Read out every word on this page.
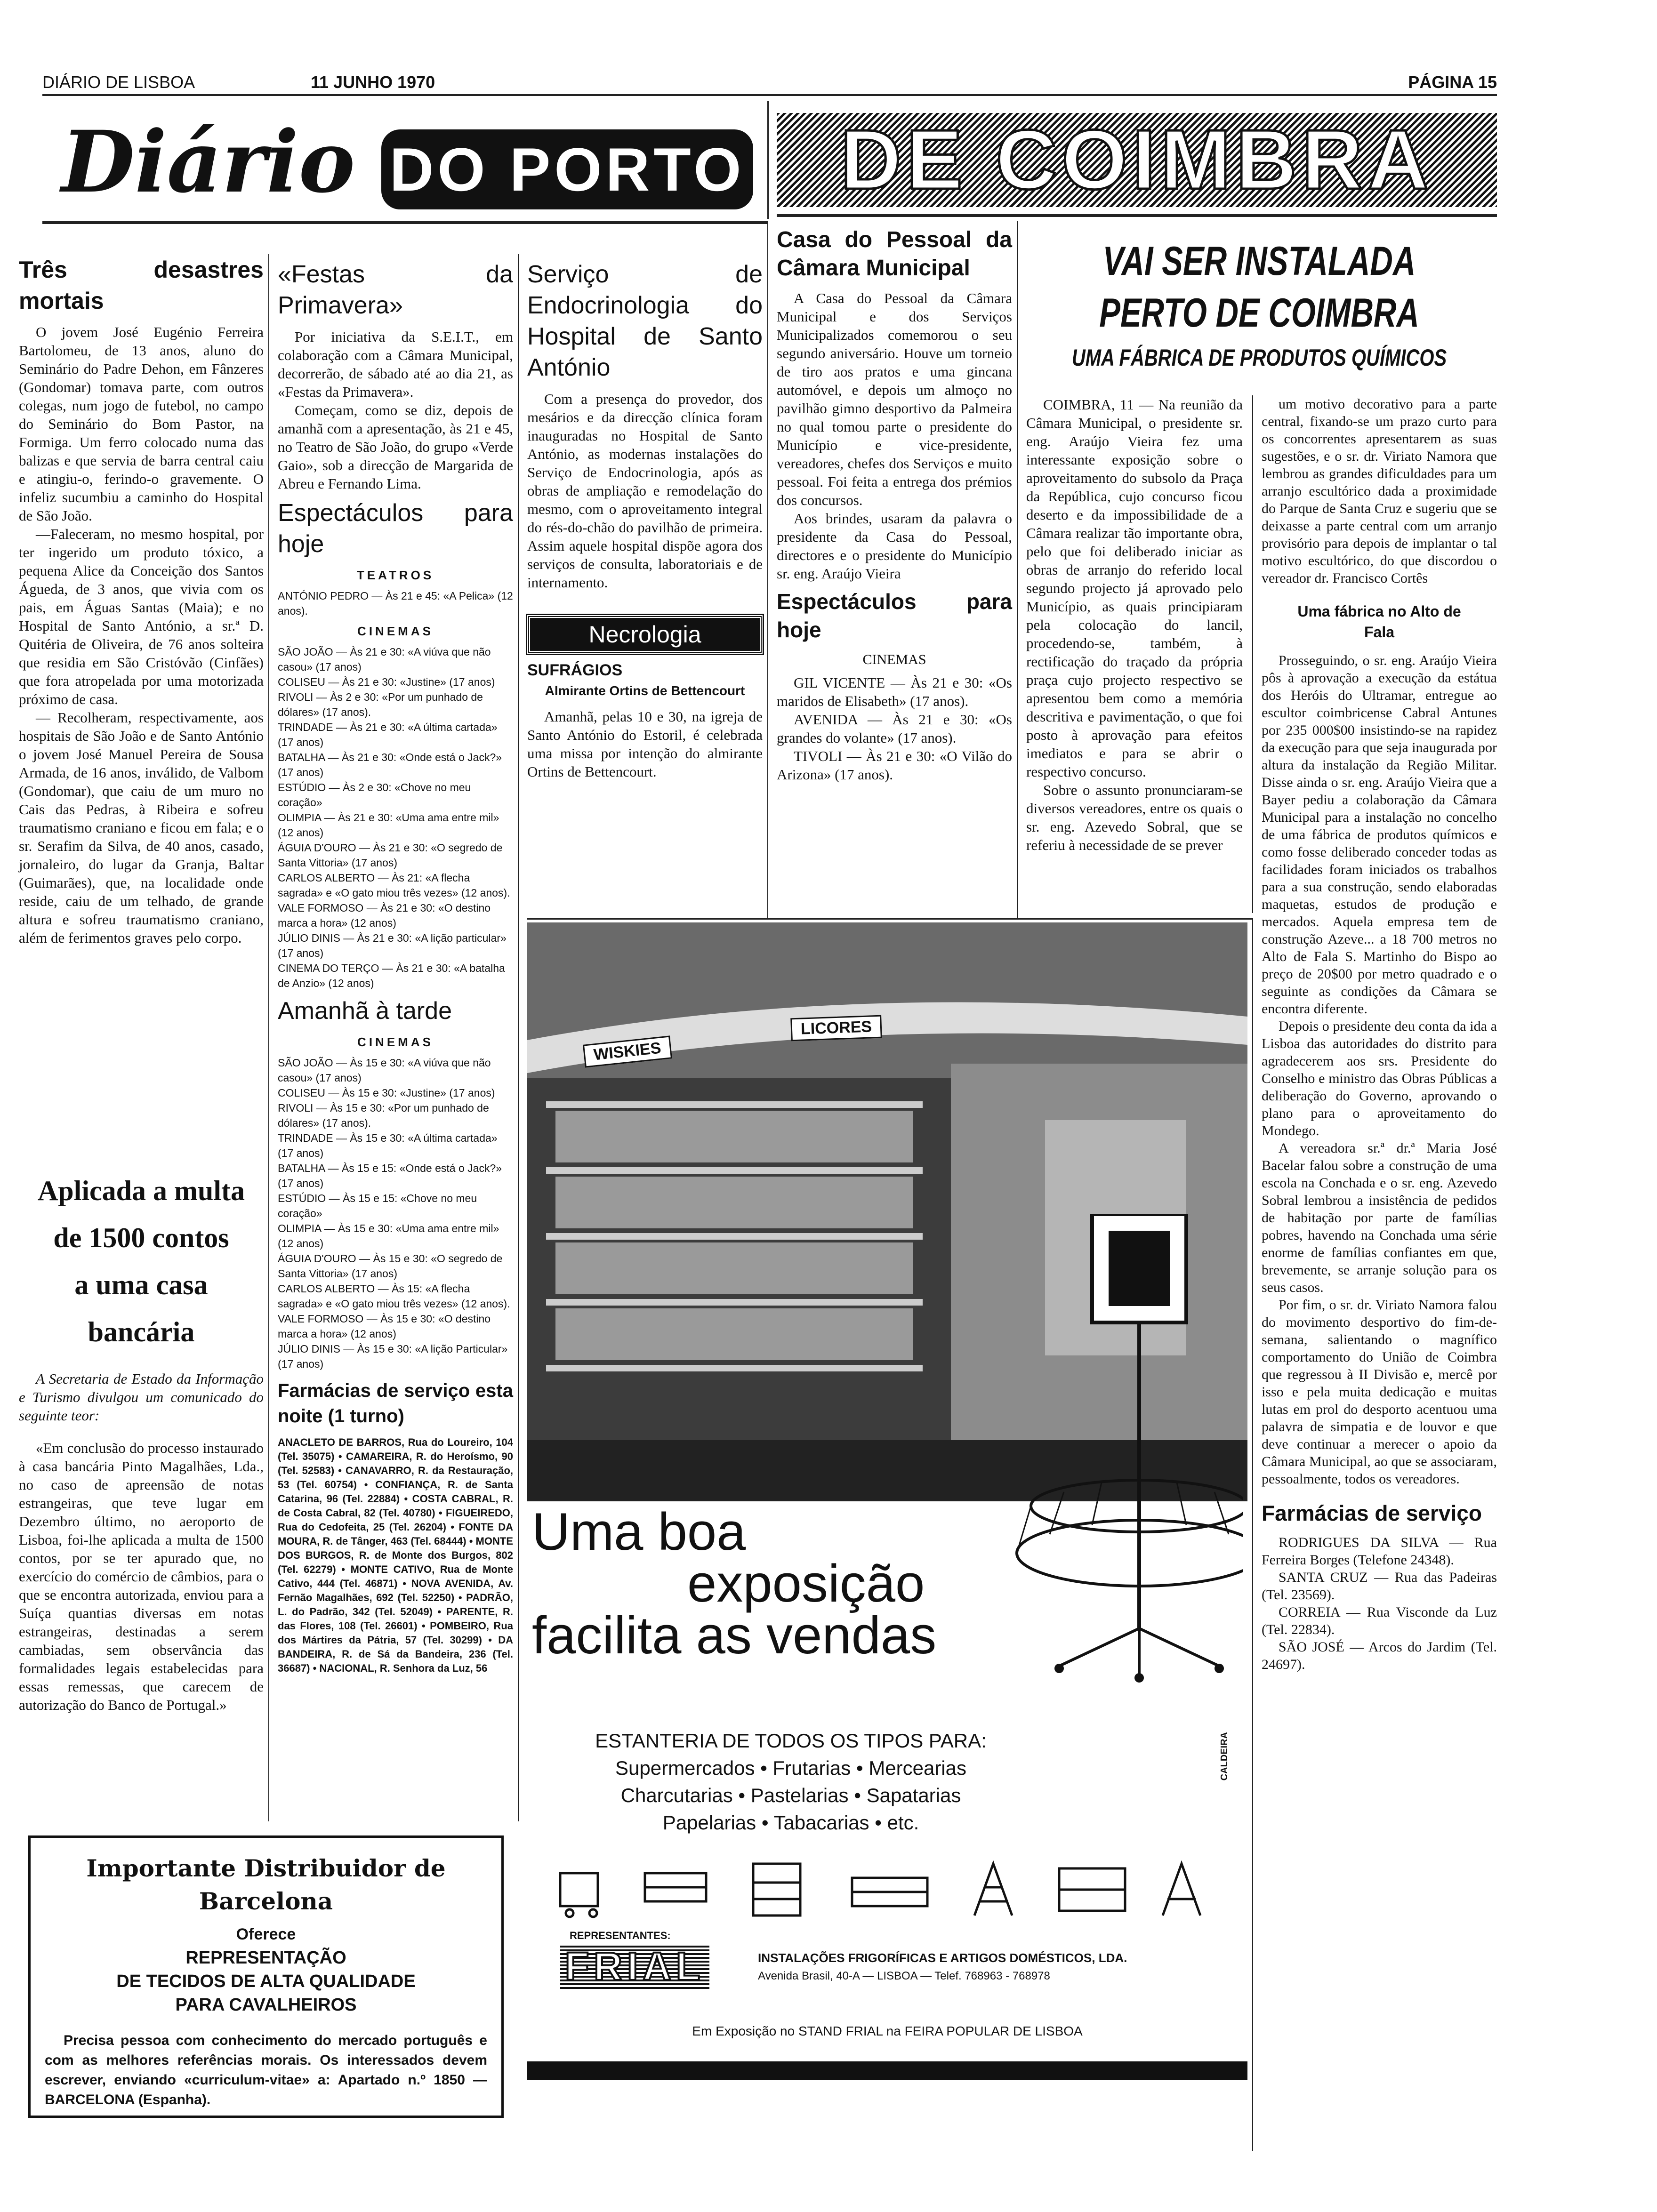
DIÁRIO DE LISBOA	11 JUNHO 1970	PÁGINA 15
Diário DO PORTO	DE COIMBRA
Três desastres mortais

O jovem José Eugénio Ferreira Bartolomeu, de 13 anos, aluno do Seminário do Padre Dehon, em Fânzeres (Gondomar) tomava parte, com outros colegas, num jogo de futebol, no campo do Seminário do Bom Pastor, na Formiga. Um ferro colocado numa das balizas e que servia de barra central caiu e atingiu-o, ferindo-o gravemente. O infeliz sucumbiu a caminho do Hospital de São João.

—Faleceram, no mesmo hospital, por ter ingerido um produto tóxico, a pequena Alice da Conceição dos Santos Águeda, de 3 anos, que vivia com os pais, em Águas Santas (Maia); e no Hospital de Santo António, a sr.ª D. Quitéria de Oliveira, de 76 anos solteira que residia em São Cristóvão (Cinfães) que fora atropelada por uma motorizada próximo de casa.

— Recolheram, respectivamente, aos hospitais de São João e de Santo António o jovem José Manuel Pereira de Sousa Armada, de 16 anos, inválido, de Valbom (Gondomar), que caiu de um muro no Cais das Pedras, à Ribeira e sofreu traumatismo craniano e ficou em fala; e o sr. Serafim da Silva, de 40 anos, casado, jornaleiro, do lugar da Granja, Baltar (Guimarães), que, na localidade onde reside, caiu de um telhado, de grande altura e sofreu traumatismo craniano, além de ferimentos graves pelo corpo.

Aplicada a multa
de 1500 contos
a uma casa bancária

A Secretaria de Estado da Informação e Turismo divulgou um comunicado do seguinte teor:

«Em conclusão do processo instaurado à casa bancária Pinto Magalhães, Lda., no caso de apreensão de notas estrangeiras, que teve lugar em Dezembro último, no aeroporto de Lisboa, foi-lhe aplicada a multa de 1500 contos, por se ter apurado que, no exercício do comércio de câmbios, para o que se encontra autorizada, enviou para a Suíça quantias diversas em notas estrangeiras, destinadas a serem cambiadas, sem observância das formalidades legais estabelecidas para essas remessas, que carecem de autorização do Banco de Portugal.»

Importante Distribuidor de Barcelona
Oferece
REPRESENTAÇÃO
DE TECIDOS DE ALTA QUALIDADE
PARA CAVALHEIROS
Precisa pessoa com conhecimento do mercado português e com as melhores referências morais. Os interessados devem escrever, enviando «curriculum-vitae» a: Apartado n.º 1850 — BARCELONA (Espanha).
«Festas da Primavera»

Por iniciativa da S.E.I.T., em colaboração com a Câmara Municipal, decorrerão, de sábado até ao dia 21, as «Festas da Primavera».

Começam, como se diz, depois de amanhã com a apresentação, às 21 e 45, no Teatro de São João, do grupo «Verde Gaio», sob a direcção de Margarida de Abreu e Fernando Lima.

Espectáculos para hoje
TEATROS
ANTÓNIO PEDRO — Às 21 e 45: «A Pelica» (12 anos).
CINEMAS
SÃO JOÃO — Às 21 e 30: «A viúva que não casou» (17 anos)
COLISEU — Às 21 e 30: «Justine» (17 anos)
RIVOLI — Às 2 e 30: «Por um punhado de dólares» (17 anos).
TRINDADE — Às 21 e 30: «A última cartada» (17 anos)
BATALHA — Às 21 e 30: «Onde está o Jack?» (17 anos)
ESTÚDIO — Às 2 e 30: «Chove no meu coração»
OLIMPIA — Às 21 e 30: «Uma ama entre mil» (12 anos)
ÁGUIA D'OURO — Às 21 e 30: «O segredo de Santa Vittoria» (17 anos)
CARLOS ALBERTO — Às 21: «A flecha sagrada» e «O gato miou três vezes» (12 anos).
VALE FORMOSO — Às 21 e 30: «O destino marca a hora» (12 anos)
JÚLIO DINIS — Às 21 e 30: «A lição particular» (17 anos)
CINEMA DO TERÇO — Às 21 e 30: «A batalha de Anzio» (12 anos)
Amanhã à tarde
CINEMAS
SÃO JOÃO — Às 15 e 30: «A viúva que não casou» (17 anos)
COLISEU — Às 15 e 30: «Justine» (17 anos)
RIVOLI — Às 15 e 30: «Por um punhado de dólares» (17 anos).
TRINDADE — Às 15 e 30: «A última cartada» (17 anos)
BATALHA — Às 15 e 15: «Onde está o Jack?» (17 anos)
ESTÚDIO — Às 15 e 15: «Chove no meu coração»
OLIMPIA — Às 15 e 30: «Uma ama entre mil» (12 anos)
ÁGUIA D'OURO — Às 15 e 30: «O segredo de Santa Vittoria» (17 anos)
CARLOS ALBERTO — Às 15: «A flecha sagrada» e «O gato miou três vezes» (12 anos).
VALE FORMOSO — Às 15 e 30: «O destino marca a hora» (12 anos)
JÚLIO DINIS — Às 15 e 30: «A lição Particular» (17 anos)
Farmácias de serviço esta noite (1 turno)
ANACLETO DE BARROS, Rua do Loureiro, 104 (Tel. 35075) • CAMAREIRA, R. do Heroísmo, 90 (Tel. 52583) • CANAVARRO, R. da Restauração, 53 (Tel. 60754) • CONFIANÇA, R. de Santa Catarina, 96 (Tel. 22884) • COSTA CABRAL, R. de Costa Cabral, 82 (Tel. 40780) • FIGUEIREDO, Rua do Cedofeita, 25 (Tel. 26204) • FONTE DA MOURA, R. de Tânger, 463 (Tel. 68444) • MONTE DOS BURGOS, R. de Monte dos Burgos, 802 (Tel. 62279) • MONTE CATIVO, Rua de Monte Cativo, 444 (Tel. 46871) • NOVA AVENIDA, Av. Fernão Magalhães, 692 (Tel. 52250) • PADRÃO, L. do Padrão, 342 (Tel. 52049) • PARENTE, R. das Flores, 108 (Tel. 26601) • POMBEIRO, Rua dos Mártires da Pátria, 57 (Tel. 30299) • DA BANDEIRA, R. de Sá da Bandeira, 236 (Tel. 36687) • NACIONAL, R. Senhora da Luz, 56
Serviço de Endocrinologia do Hospital de Santo António

Com a presença do provedor, dos mesários e da direcção clínica foram inauguradas no Hospital de Santo António, as modernas instalações do Serviço de Endocrinologia, após as obras de ampliação e remodelação do mesmo, com o aproveitamento integral do rés-do-chão do pavilhão de primeira. Assim aquele hospital dispõe agora dos serviços de consulta, laboratoriais e de internamento.

Necrologia
SUFRÁGIOS
Almirante Ortins de Bettencourt

Amanhã, pelas 10 e 30, na igreja de Santo António do Estoril, é celebrada uma missa por intenção do almirante Ortins de Bettencourt.

Casa do Pessoal da Câmara Municipal

A Casa do Pessoal da Câmara Municipal e dos Serviços Municipalizados comemorou o seu segundo aniversário. Houve um torneio de tiro aos pratos e uma gincana automóvel, e depois um almoço no pavilhão gimno desportivo da Palmeira no qual tomou parte o presidente do Município e vice-presidente, vereadores, chefes dos Serviços e muito pessoal. Foi feita a entrega dos prémios dos concursos.

Aos brindes, usaram da palavra o presidente da Casa do Pessoal, directores e o presidente do Município sr. eng. Araújo Vieira

Espectáculos para hoje
CINEMAS

GIL VICENTE — Às 21 e 30: «Os maridos de Elisabeth» (17 anos).

AVENIDA — Às 21 e 30: «Os grandes do volante» (17 anos).

TIVOLI — Às 21 e 30: «O Vilão do Arizona» (17 anos).

VAI SER INSTALADA
PERTO DE COIMBRA
UMA FÁBRICA DE PRODUTOS QUÍMICOS

COIMBRA, 11 — Na reunião da Câmara Municipal, o presidente sr. eng. Araújo Vieira fez uma interessante exposição sobre o aproveitamento do subsolo da Praça da República, cujo concurso ficou deserto e da impossibilidade de a Câmara realizar tão importante obra, pelo que foi deliberado iniciar as obras de arranjo do referido local segundo projecto já aprovado pelo Município, as quais principiaram pela colocação do lancil, procedendo-se, também, à rectificação do traçado da própria praça cujo projecto respectivo se apresentou bem como a memória descritiva e pavimentação, o que foi posto à aprovação para efeitos imediatos e para se abrir o respectivo concurso.

Sobre o assunto pronunciaram-se diversos vereadores, entre os quais o sr. eng. Azevedo Sobral, que se referiu à necessidade de se prever

um motivo decorativo para a parte central, fixando-se um prazo curto para os concorrentes apresentarem as suas sugestões, e o sr. dr. Viriato Namora que lembrou as grandes dificuldades para um arranjo escultórico dada a proximidade do Parque de Santa Cruz e sugeriu que se deixasse a parte central com um arranjo provisório para depois de implantar o tal motivo escultórico, do que discordou o vereador dr. Francisco Cortês

Uma fábrica no Alto de Fala

Prosseguindo, o sr. eng. Araújo Vieira pôs à aprovação a execução da estátua dos Heróis do Ultramar, entregue ao escultor coimbricense Cabral Antunes por 235 000$00 insistindo-se na rapidez da execução para que seja inaugurada por altura da instalação da Região Militar. Disse ainda o sr. eng. Araújo Vieira que a Bayer pediu a colaboração da Câmara Municipal para a instalação no concelho de uma fábrica de produtos químicos e como fosse deliberado conceder todas as facilidades foram iniciados os trabalhos para a sua construção, sendo elaboradas maquetas, estudos de produção e mercados. Aquela empresa tem de construção Azeve... a 18 700 metros no Alto de Fala S. Martinho do Bispo ao preço de 20$00 por metro quadrado e o seguinte as condições da Câmara se encontra diferente.

Depois o presidente deu conta da ida a Lisboa das autoridades do distrito para agradecerem aos srs. Presidente do Conselho e ministro das Obras Públicas a deliberação do Governo, aprovando o plano para o aproveitamento do Mondego.

A vereadora sr.ª dr.ª Maria José Bacelar falou sobre a construção de uma escola na Conchada e o sr. eng. Azevedo Sobral lembrou a insistência de pedidos de habitação por parte de famílias pobres, havendo na Conchada uma série enorme de famílias confiantes em que, brevemente, se arranje solução para os seus casos.

Por fim, o sr. dr. Viriato Namora falou do movimento desportivo do fim-de-semana, salientando o magnífico comportamento do União de Coimbra que regressou à II Divisão e, mercê por isso e pela muita dedicação e muitas lutas em prol do desporto acentuou uma palavra de simpatia e de louvor e que deve continuar a merecer o apoio da Câmara Municipal, ao que se associaram, pessoalmente, todos os vereadores.

Farmácias de serviço

RODRIGUES DA SILVA — Rua Ferreira Borges (Telefone 24348).

SANTA CRUZ — Rua das Padeiras (Tel. 23569).

CORREIA — Rua Visconde da Luz (Tel. 22834).

SÃO JOSÉ — Arcos do Jardim (Tel. 24697).

WISKIES
LICORES
Uma boa
exposição
facilita as vendas
ESTANTERIA DE TODOS OS TIPOS PARA:
Supermercados • Frutarias • Mercearias
Charcutarias • Pastelarias • Sapatarias
Papelarias • Tabacarias • etc.
CALDEIRA
REPRESENTANTES:
FRIAL	INSTALAÇÕES FRIGORÍFICAS E ARTIGOS DOMÉSTICOS, LDA.
Avenida Brasil, 40-A — LISBOA — Telef. 768963 - 768978
Em Exposição no STAND FRIAL na FEIRA POPULAR DE LISBOA
